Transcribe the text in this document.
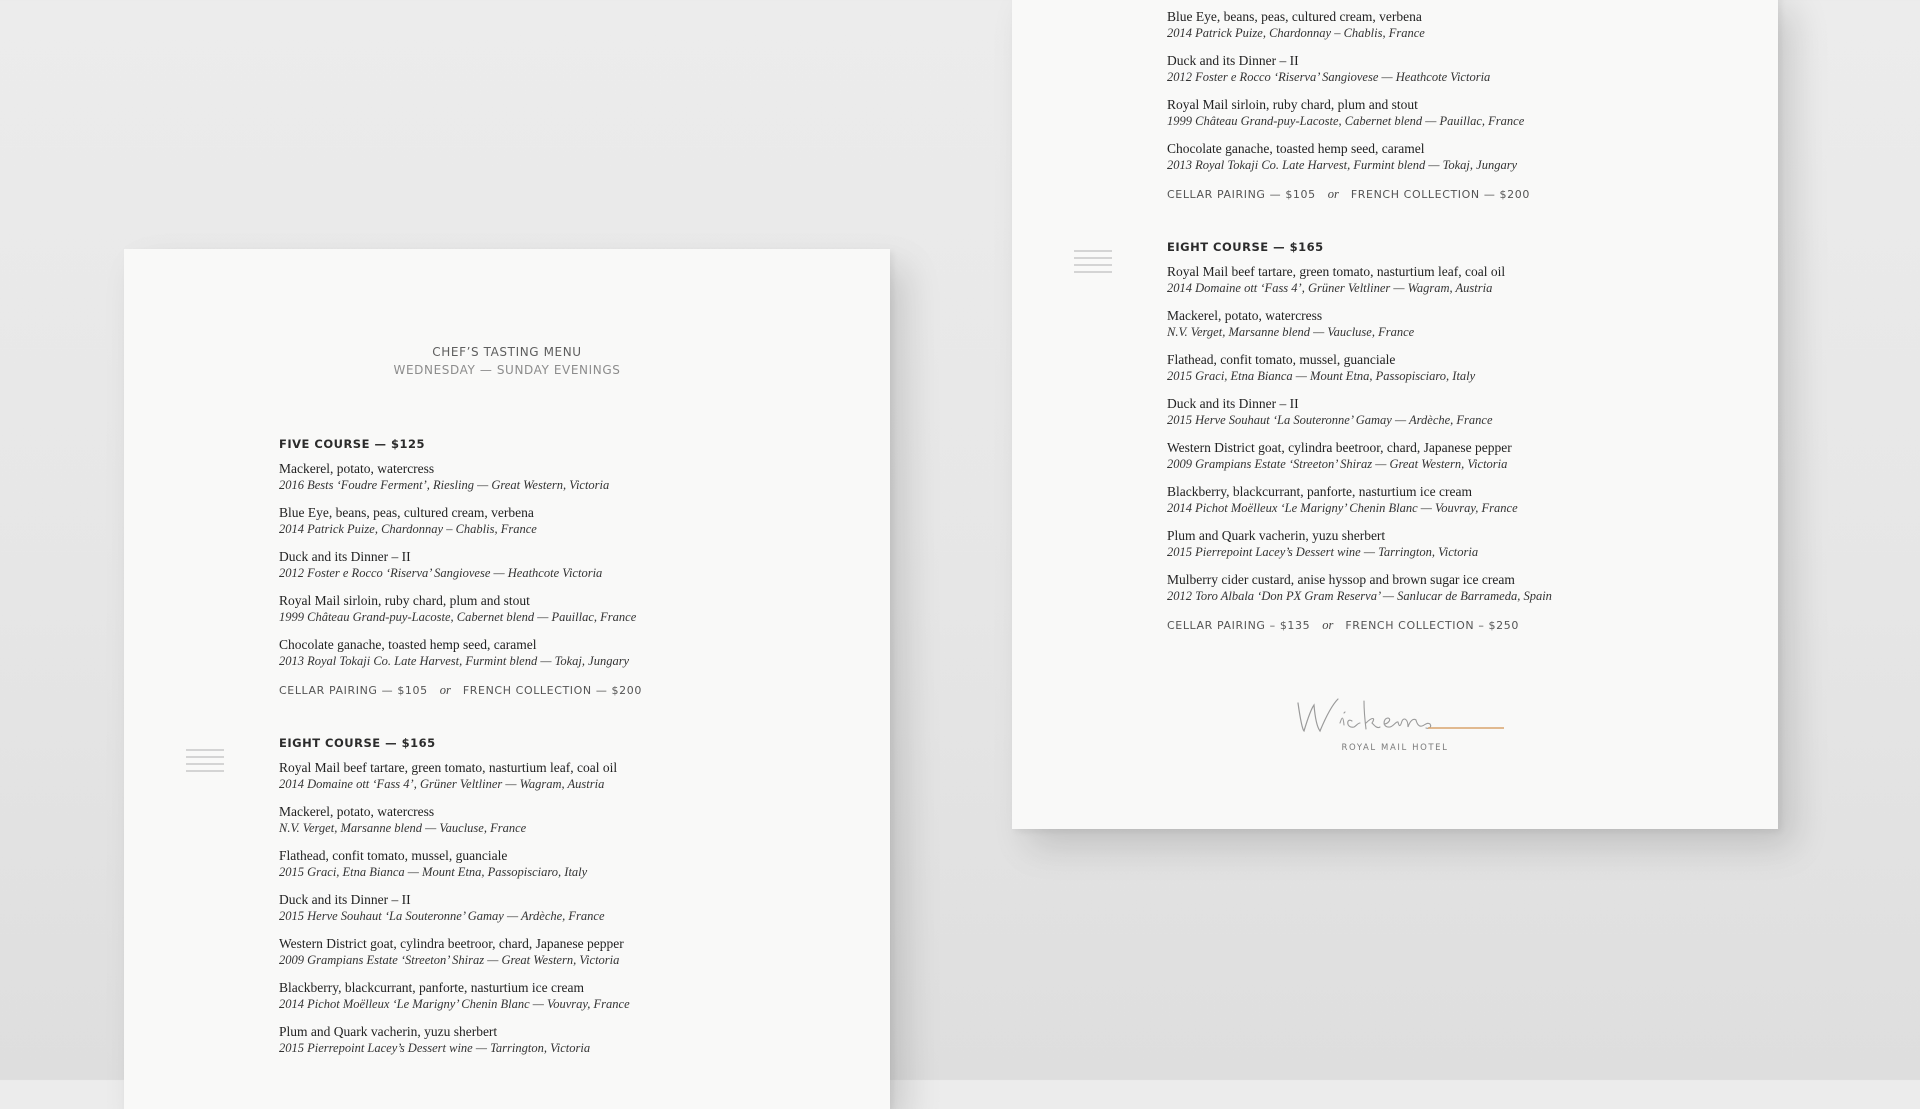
CHEF’S TASTING MENU
WEDNESDAY — SUNDAY EVENINGS
FIVE COURSE — $125
Mackerel, potato, watercress
2016 Bests ‘Foudre Ferment’, Riesling — Great Western, Victoria
Blue Eye, beans, peas, cultured cream, verbena
2014 Patrick Puize, Chardonnay – Chablis, France
Duck and its Dinner – II
2012 Foster e Rocco ‘Riserva’ Sangiovese — Heathcote Victoria
Royal Mail sirloin, ruby chard, plum and stout
1999 Château Grand-puy-Lacoste, Cabernet blend — Pauillac, France
Chocolate ganache, toasted hemp seed, caramel
2013 Royal Tokaji Co. Late Harvest, Furmint blend — Tokaj, Jungary
CELLAR PAIRING — $105 or FRENCH COLLECTION — $200
EIGHT COURSE — $165
Royal Mail beef tartare, green tomato, nasturtium leaf, coal oil
2014 Domaine ott ‘Fass 4’, Grüner Veltliner — Wagram, Austria
Mackerel, potato, watercress
N.V. Verget, Marsanne blend — Vaucluse, France
Flathead, confit tomato, mussel, guanciale
2015 Graci, Etna Bianca — Mount Etna, Passopisciaro, Italy
Duck and its Dinner – II
2015 Herve Souhaut ‘La Souteronne’ Gamay — Ardèche, France
Western District goat, cylindra beetroor, chard, Japanese pepper
2009 Grampians Estate ‘Streeton’ Shiraz — Great Western, Victoria
Blackberry, blackcurrant, panforte, nasturtium ice cream
2014 Pichot Moëlleux ‘Le Marigny’ Chenin Blanc — Vouvray, France
Plum and Quark vacherin, yuzu sherbert
2015 Pierrepoint Lacey’s Dessert wine — Tarrington, Victoria
Blue Eye, beans, peas, cultured cream, verbena
2014 Patrick Puize, Chardonnay – Chablis, France
Duck and its Dinner – II
2012 Foster e Rocco ‘Riserva’ Sangiovese — Heathcote Victoria
Royal Mail sirloin, ruby chard, plum and stout
1999 Château Grand-puy-Lacoste, Cabernet blend — Pauillac, France
Chocolate ganache, toasted hemp seed, caramel
2013 Royal Tokaji Co. Late Harvest, Furmint blend — Tokaj, Jungary
CELLAR PAIRING — $105 or FRENCH COLLECTION — $200
EIGHT COURSE — $165
Royal Mail beef tartare, green tomato, nasturtium leaf, coal oil
2014 Domaine ott ‘Fass 4’, Grüner Veltliner — Wagram, Austria
Mackerel, potato, watercress
N.V. Verget, Marsanne blend — Vaucluse, France
Flathead, confit tomato, mussel, guanciale
2015 Graci, Etna Bianca — Mount Etna, Passopisciaro, Italy
Duck and its Dinner – II
2015 Herve Souhaut ‘La Souteronne’ Gamay — Ardèche, France
Western District goat, cylindra beetroor, chard, Japanese pepper
2009 Grampians Estate ‘Streeton’ Shiraz — Great Western, Victoria
Blackberry, blackcurrant, panforte, nasturtium ice cream
2014 Pichot Moëlleux ‘Le Marigny’ Chenin Blanc — Vouvray, France
Plum and Quark vacherin, yuzu sherbert
2015 Pierrepoint Lacey’s Dessert wine — Tarrington, Victoria
Mulberry cider custard, anise hyssop and brown sugar ice cream
2012 Toro Albala ‘Don PX Gram Reserva’ — Sanlucar de Barrameda, Spain
CELLAR PAIRING – $135 or FRENCH COLLECTION – $250
ROYAL MAIL HOTEL
